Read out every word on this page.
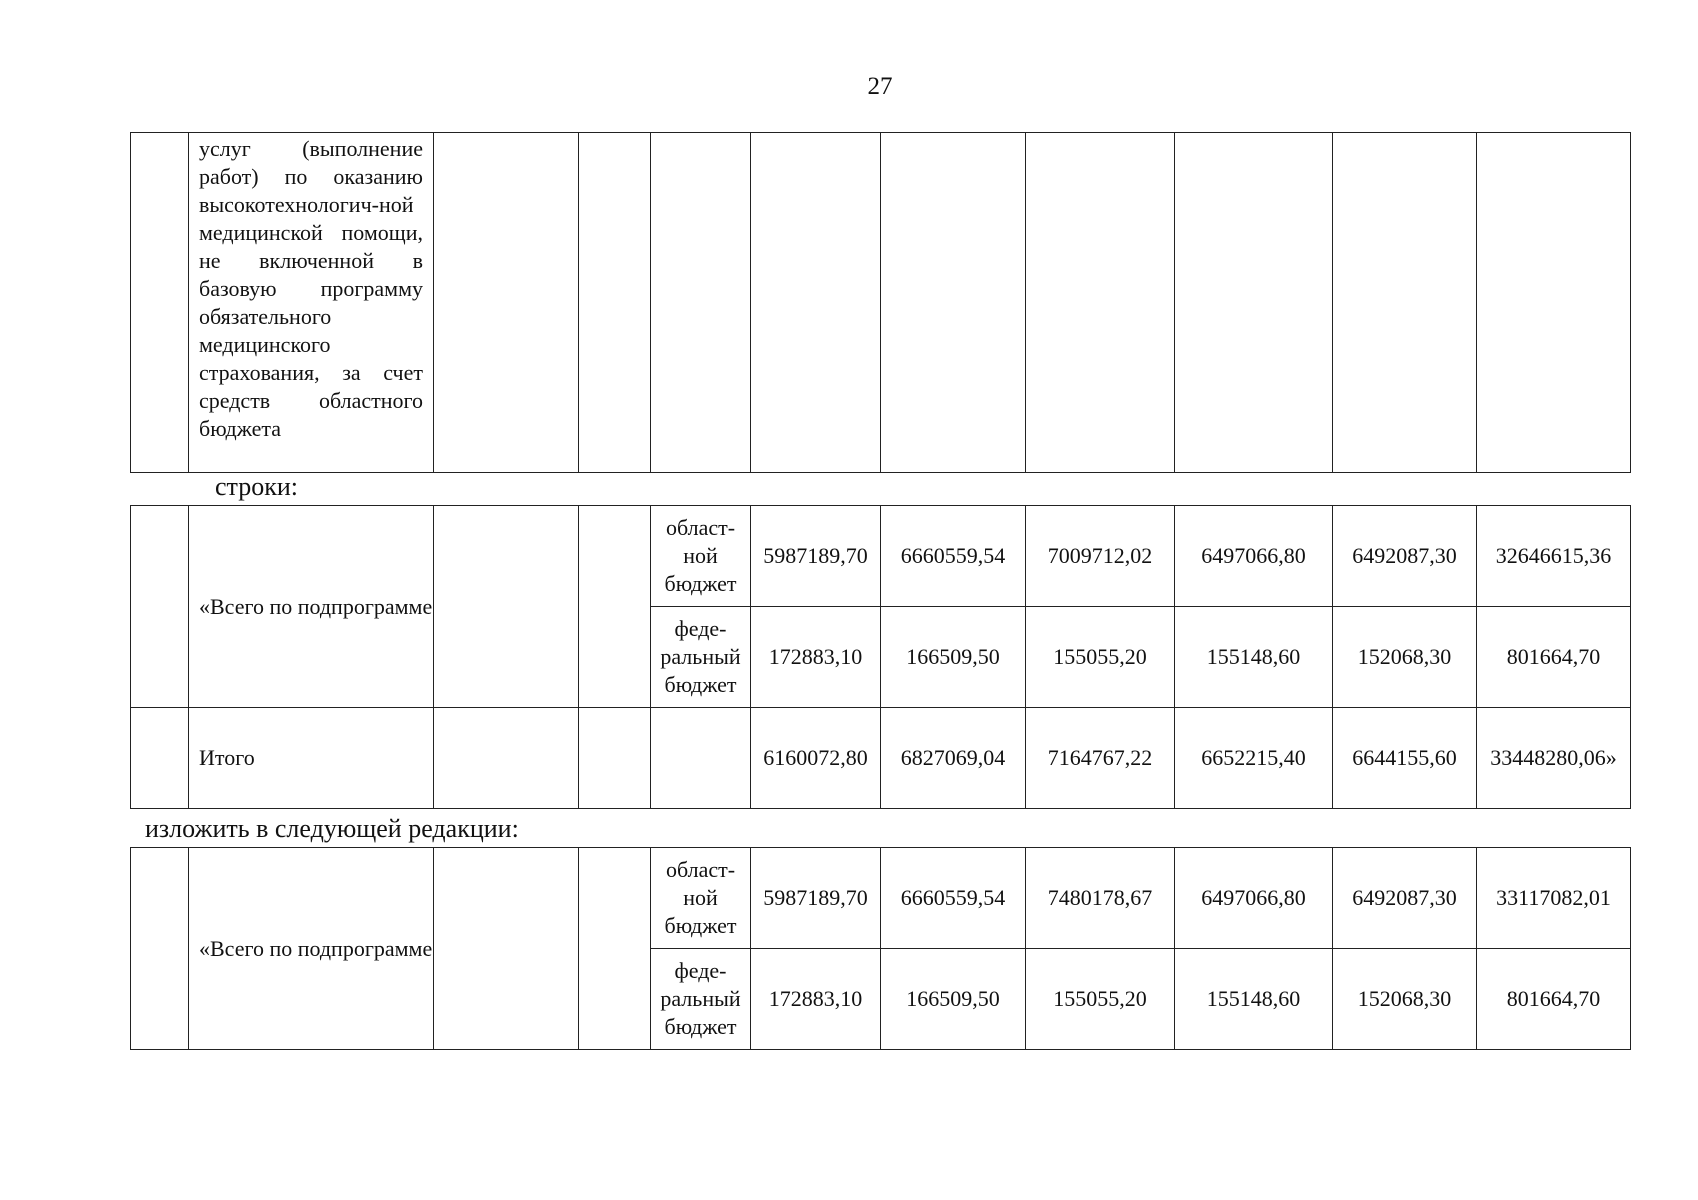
27
	услуг (выполнение работ) по оказанию высокотехнологич-ной медицинской помощи, не включенной в базовую программу обязательного медицинского страхования, за счет средств областного бюджета									
строки:
	«Всего по подпрограмме			област-ной бюджет	5987189,70	6660559,54	7009712,02	6497066,80	6492087,30	32646615,36
				феде-ральный бюджет	172883,10	166509,50	155055,20	155148,60	152068,30	801664,70
	Итого				6160072,80	6827069,04	7164767,22	6652215,40	6644155,60	33448280,06»
изложить в следующей редакции:
	«Всего по подпрограмме			област-ной бюджет	5987189,70	6660559,54	7480178,67	6497066,80	6492087,30	33117082,01
				феде-ральный бюджет	172883,10	166509,50	155055,20	155148,60	152068,30	801664,70
